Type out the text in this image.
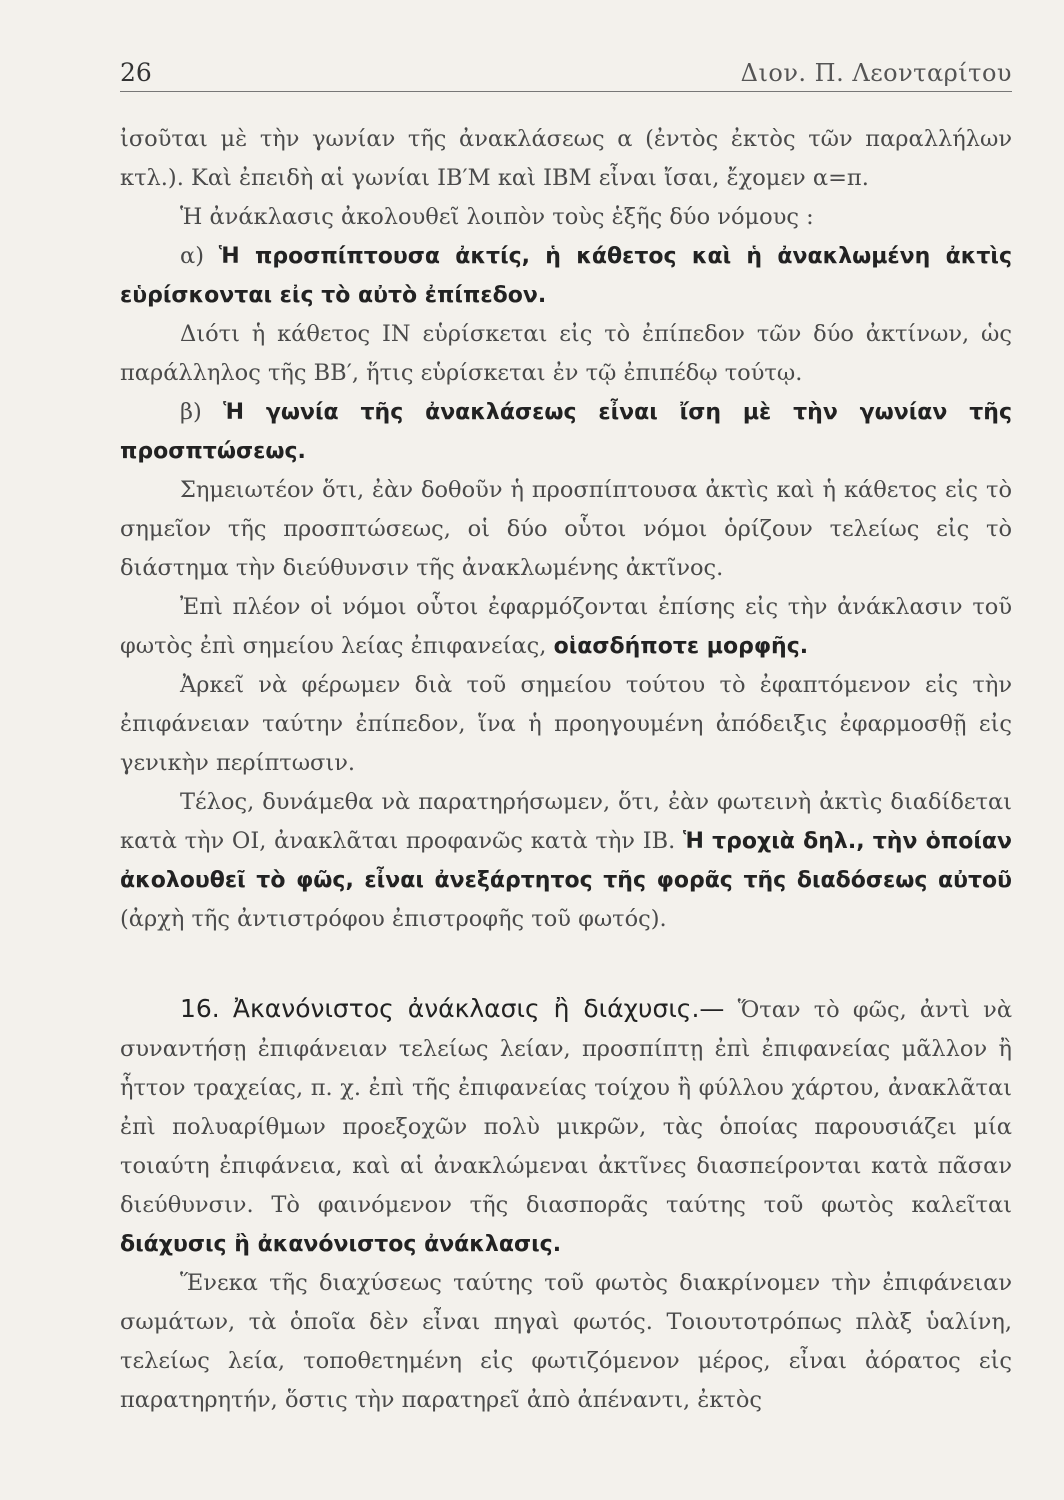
26	Διον. Π. Λεονταρίτου

ἰσοῦται μὲ τὴν γωνίαν τῆς ἀνακλάσεως α (ἐντὸς ἐκτὸς τῶν παραλλήλων κτλ.). Καὶ ἐπειδὴ αἱ γωνίαι ΙΒ′Μ καὶ ΙΒΜ εἶναι ἴσαι, ἔχομεν α=π.

Ἡ ἀνάκλασις ἀκολουθεῖ λοιπὸν τοὺς ἑξῆς δύο νόμους :

α) Ἡ προσπίπτουσα ἀκτίς, ἡ κάθετος καὶ ἡ ἀνακλωμένη ἀκτὶς εὑρίσκονται εἰς τὸ αὐτὸ ἐπίπεδον.

Διότι ἡ κάθετος ΙΝ εὑρίσκεται εἰς τὸ ἐπίπεδον τῶν δύο ἀκτίνων, ὡς παράλληλος τῆς ΒΒ′, ἥτις εὑρίσκεται ἐν τῷ ἐπιπέδῳ τούτῳ.

β) Ἡ γωνία τῆς ἀνακλάσεως εἶναι ἴση μὲ τὴν γωνίαν τῆς προσπτώσεως.

Σημειωτέον ὅτι, ἐὰν δοθοῦν ἡ προσπίπτουσα ἀκτὶς καὶ ἡ κάθετος εἰς τὸ σημεῖον τῆς προσπτώσεως, οἱ δύο οὗτοι νόμοι ὁρίζουν τελείως εἰς τὸ διάστημα τὴν διεύθυνσιν τῆς ἀνακλωμένης ἀκτῖνος.

Ἐπὶ πλέον οἱ νόμοι οὗτοι ἐφαρμόζονται ἐπίσης εἰς τὴν ἀνάκλασιν τοῦ φωτὸς ἐπὶ σημείου λείας ἐπιφανείας, οἱασδήποτε μορφῆς.

Ἀρκεῖ νὰ φέρωμεν διὰ τοῦ σημείου τούτου τὸ ἐφαπτόμενον εἰς τὴν ἐπιφάνειαν ταύτην ἐπίπεδον, ἵνα ἡ προηγουμένη ἀπόδειξις ἐφαρμοσθῇ εἰς γενικὴν περίπτωσιν.

Τέλος, δυνάμεθα νὰ παρατηρήσωμεν, ὅτι, ἐὰν φωτεινὴ ἀκτὶς διαδίδεται κατὰ τὴν ΟΙ, ἀνακλᾶται προφανῶς κατὰ τὴν ΙΒ. Ἡ τροχιὰ δηλ., τὴν ὁποίαν ἀκολουθεῖ τὸ φῶς, εἶναι ἀνεξάρτητος τῆς φορᾶς τῆς διαδόσεως αὐτοῦ (ἀρχὴ τῆς ἀντιστρόφου ἐπιστροφῆς τοῦ φωτός).

16. Ἀκανόνιστος ἀνάκλασις ἢ διάχυσις.— Ὅταν τὸ φῶς, ἀντὶ νὰ συναντήσῃ ἐπιφάνειαν τελείως λείαν, προσπίπτῃ ἐπὶ ἐπιφανείας μᾶλλον ἢ ἧττον τραχείας, π. χ. ἐπὶ τῆς ἐπιφανείας τοίχου ἢ φύλλου χάρτου, ἀνακλᾶται ἐπὶ πολυαρίθμων προεξοχῶν πολὺ μικρῶν, τὰς ὁποίας παρουσιάζει μία τοιαύτη ἐπιφάνεια, καὶ αἱ ἀνακλώμεναι ἀκτῖνες διασπείρονται κατὰ πᾶσαν διεύθυνσιν. Τὸ φαινόμενον τῆς διασπορᾶς ταύτης τοῦ φωτὸς καλεῖται διάχυσις ἢ ἀκανόνιστος ἀνάκλασις.

Ἕνεκα τῆς διαχύσεως ταύτης τοῦ φωτὸς διακρίνομεν τὴν ἐπιφάνειαν σωμάτων, τὰ ὁποῖα δὲν εἶναι πηγαὶ φωτός. Τοιουτοτρόπως πλὰξ ὑαλίνη, τελείως λεία, τοποθετημένη εἰς φωτιζόμενον μέρος, εἶναι ἀόρατος εἰς παρατηρητήν, ὅστις τὴν παρατηρεῖ ἀπὸ ἀπέναντι, ἐκτὸς
